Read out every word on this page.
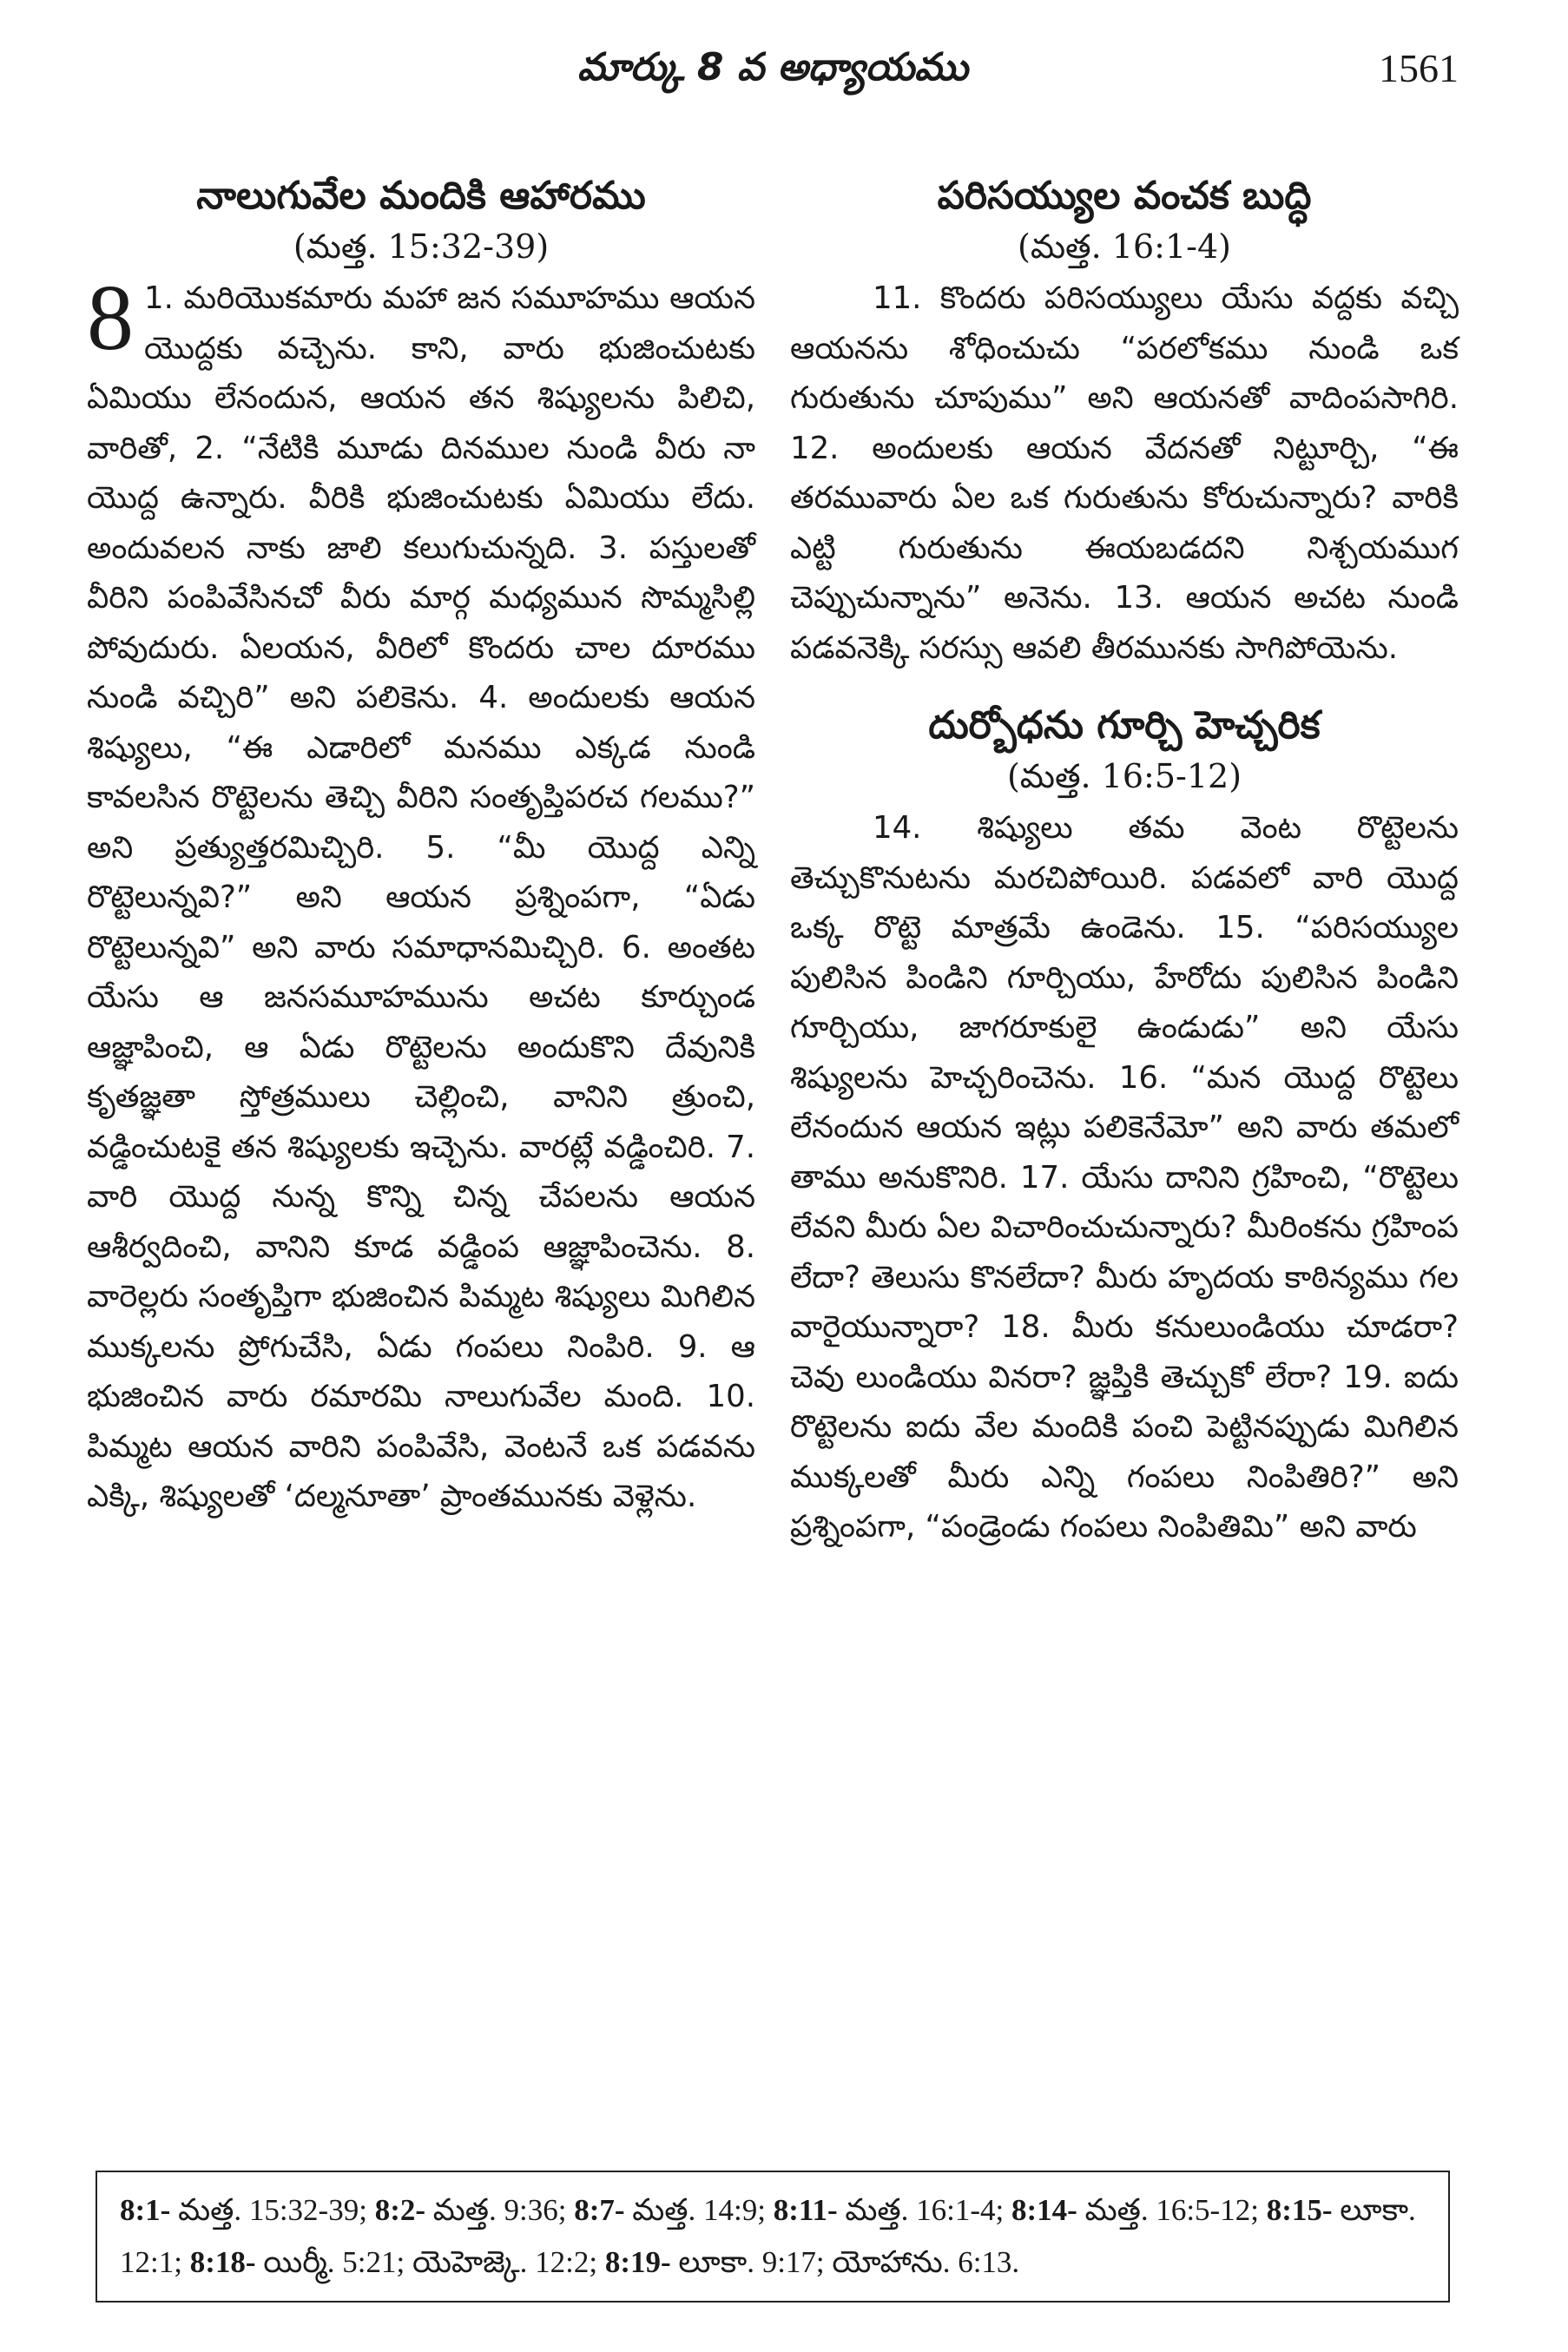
మార్కు 8 వ అధ్యాయము	1561
నాలుగువేల మందికి ఆహారము

(మత్త. 15:32-39)

8 1. మరియొకమారు మహా జన సమూహము ఆయన యొద్దకు వచ్చెను. కాని, వారు భుజించుటకు ఏమియు లేనందున, ఆయన తన శిష్యులను పిలిచి, వారితో, 2. “నేటికి మూడు దినముల నుండి వీరు నా యొద్ద ఉన్నారు. వీరికి భుజించుటకు ఏమియు లేదు. అందువలన నాకు జాలి కలుగుచున్నది. 3. పస్తులతో వీరిని పంపివేసినచో వీరు మార్గ మధ్యమున సొమ్మసిల్లి పోవుదురు. ఏలయన, వీరిలో కొందరు చాల దూరము నుండి వచ్చిరి” అని పలికెను. 4. అందులకు ఆయన శిష్యులు, “ఈ ఎడారిలో మనము ఎక్కడ నుండి కావలసిన రొట్టెలను తెచ్చి వీరిని సంతృప్తిపరచ గలము?” అని ప్రత్యుత్తరమిచ్చిరి. 5. “మీ యొద్ద ఎన్ని రొట్టెలున్నవి?” అని ఆయన ప్రశ్నింపగా, “ఏడు రొట్టెలున్నవి” అని వారు సమాధానమిచ్చిరి. 6. అంతట యేసు ఆ జనసమూహమును అచట కూర్చుండ ఆజ్ఞాపించి, ఆ ఏడు రొట్టెలను అందుకొని దేవునికి కృతజ్ఞతా స్తోత్రములు చెల్లించి, వానిని త్రుంచి, వడ్డించుటకై తన శిష్యులకు ఇచ్చెను. వారట్లే వడ్డించిరి. 7. వారి యొద్ద నున్న కొన్ని చిన్న చేపలను ఆయన ఆశీర్వదించి, వానిని కూడ వడ్డింప ఆజ్ఞాపించెను. 8. వారెల్లరు సంతృప్తిగా భుజించిన పిమ్మట శిష్యులు మిగిలిన ముక్కలను ప్రోగుచేసి, ఏడు గంపలు నింపిరి. 9. ఆ భుజించిన వారు రమారమి నాలుగువేల మంది. 10. పిమ్మట ఆయన వారిని పంపివేసి, వెంటనే ఒక పడవను ఎక్కి, శిష్యులతో ‘దల్మనూతా’ ప్రాంతమునకు వెళ్లెను.

పరిసయ్యుల వంచక బుద్ధి

(మత్త. 16:1-4)

11. కొందరు పరిసయ్యులు యేసు వద్దకు వచ్చి ఆయనను శోధించుచు “పరలోకము నుండి ఒక గురుతును చూపుము” అని ఆయనతో వాదింపసాగిరి. 12. అందులకు ఆయన వేదనతో నిట్టూర్చి, “ఈ తరమువారు ఏల ఒక గురుతును కోరుచున్నారు? వారికి ఎట్టి గురుతును ఈయబడదని నిశ్చయముగ చెప్పుచున్నాను” అనెను. 13. ఆయన అచట నుండి పడవనెక్కి సరస్సు ఆవలి తీరమునకు సాగిపోయెను.

దుర్బోధను గూర్చి హెచ్చరిక

(మత్త. 16:5-12)

14. శిష్యులు తమ వెంట రొట్టెలను తెచ్చుకొనుటను మరచిపోయిరి. పడవలో వారి యొద్ద ఒక్క రొట్టె మాత్రమే ఉండెను. 15. “పరిసయ్యుల పులిసిన పిండిని గూర్చియు, హేరోదు పులిసిన పిండిని గూర్చియు, జాగరూకులై ఉండుడు” అని యేసు శిష్యులను హెచ్చరించెను. 16. “మన యొద్ద రొట్టెలు లేనందున ఆయన ఇట్లు పలికెనేమో” అని వారు తమలో తాము అనుకొనిరి. 17. యేసు దానిని గ్రహించి, “రొట్టెలు లేవని మీరు ఏల విచారించుచున్నారు? మీరింకను గ్రహింప లేదా? తెలుసు కొనలేదా? మీరు హృదయ కాఠిన్యము గల వారైయున్నారా? 18. మీరు కనులుండియు చూడరా? చెవు లుండియు వినరా? జ్ఞప్తికి తెచ్చుకో లేరా? 19. ఐదు రొట్టెలను ఐదు వేల మందికి పంచి పెట్టినప్పుడు మిగిలిన ముక్కలతో మీరు ఎన్ని గంపలు నింపితిరి?” అని ప్రశ్నింపగా, “పండ్రెండు గంపలు నింపితిమి” అని వారు

8:1- మత్త. 15:32-39; 8:2- మత్త. 9:36; 8:7- మత్త. 14:9; 8:11- మత్త. 16:1-4; 8:14- మత్త. 16:5-12; 8:15- లూకా. 12:1; 8:18- యిర్మీ. 5:21; యెహెజ్కె. 12:2; 8:19- లూకా. 9:17; యోహాను. 6:13.
